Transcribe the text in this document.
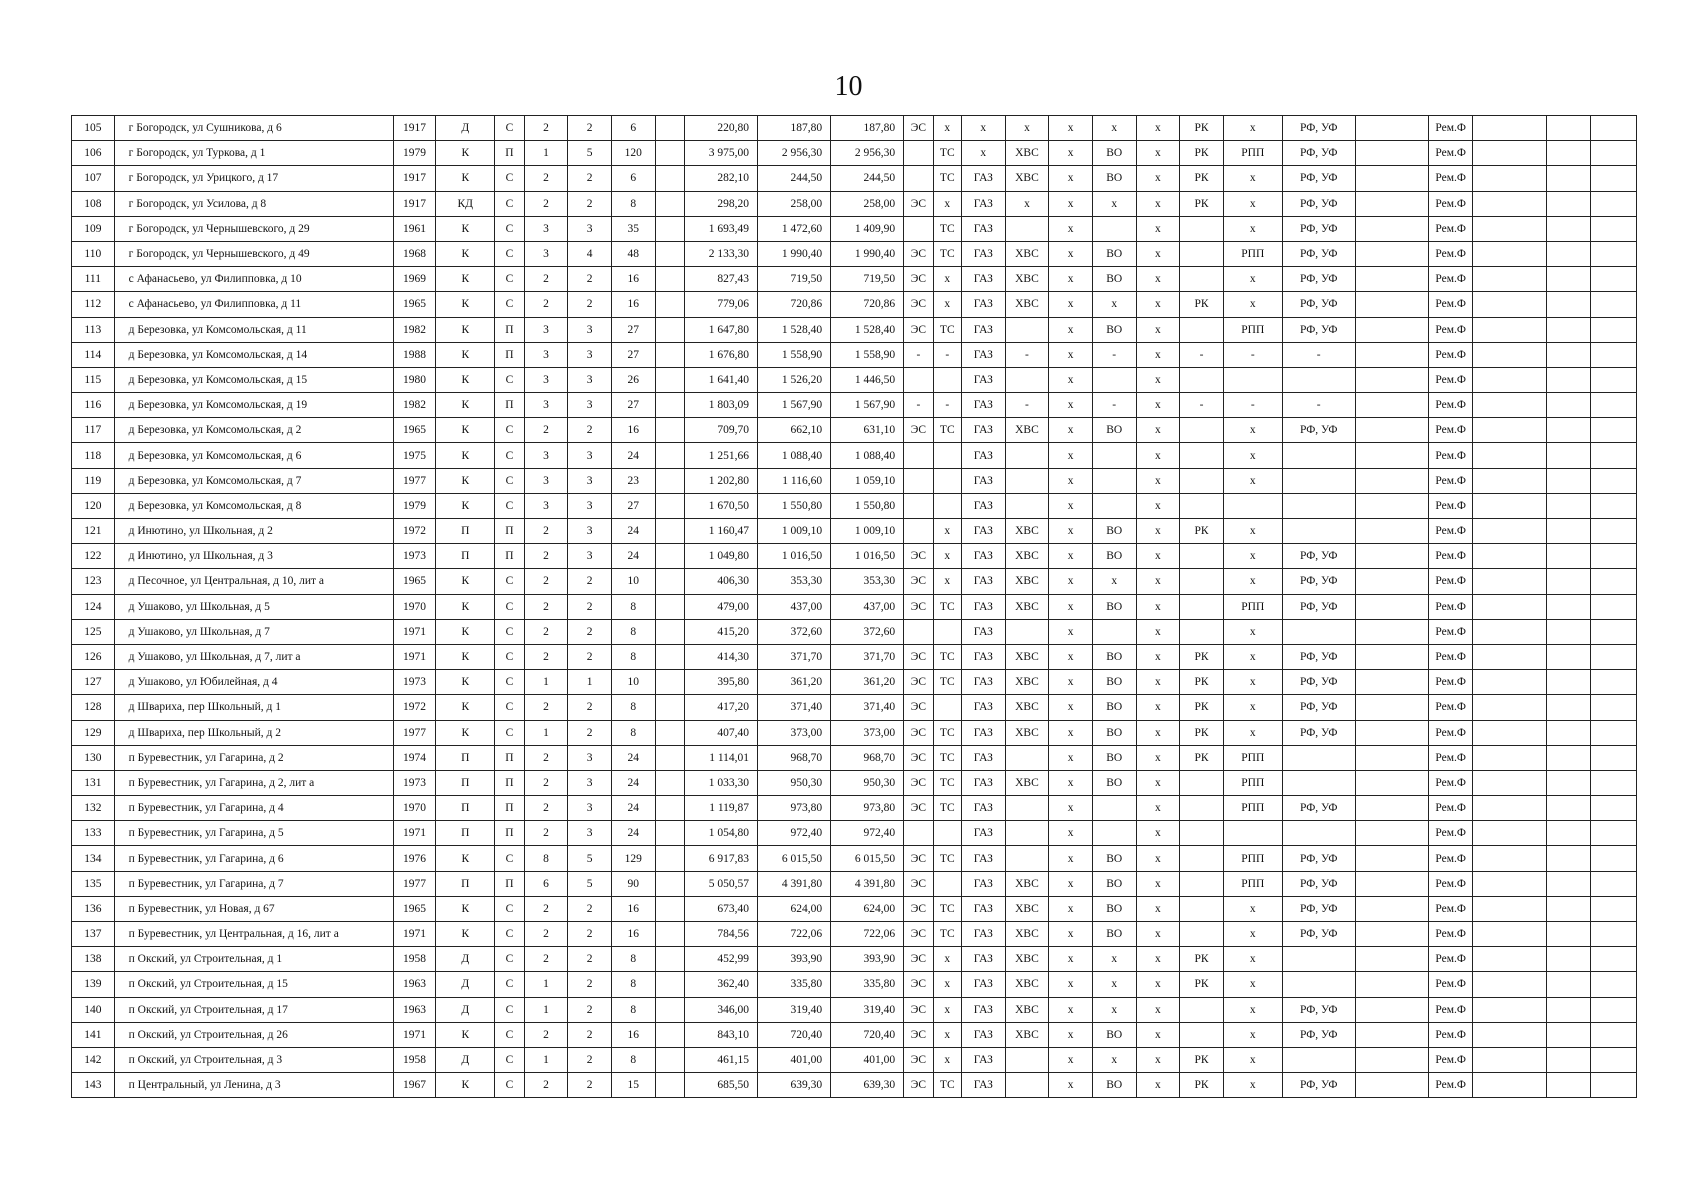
10
105	г Богородск, ул Сушникова, д 6	1917	Д	С	2	2	6		220,80	187,80	187,80	ЭС	х	х	х	х	х	х	РК	х	РФ, УФ		Рем.Ф			
106	г Богородск, ул Туркова, д 1	1979	К	П	1	5	120		3 975,00	2 956,30	2 956,30		ТС	х	ХВС	х	ВО	х	РК	РПП	РФ, УФ		Рем.Ф			
107	г Богородск, ул Урицкого, д 17	1917	К	С	2	2	6		282,10	244,50	244,50		ТС	ГАЗ	ХВС	х	ВО	х	РК	х	РФ, УФ		Рем.Ф			
108	г Богородск, ул Усилова, д 8	1917	КД	С	2	2	8		298,20	258,00	258,00	ЭС	х	ГАЗ	х	х	х	х	РК	х	РФ, УФ		Рем.Ф			
109	г Богородск, ул Чернышевского, д 29	1961	К	С	3	3	35		1 693,49	1 472,60	1 409,90		ТС	ГАЗ		х		х		х	РФ, УФ		Рем.Ф			
110	г Богородск, ул Чернышевского, д 49	1968	К	С	3	4	48		2 133,30	1 990,40	1 990,40	ЭС	ТС	ГАЗ	ХВС	х	ВО	х		РПП	РФ, УФ		Рем.Ф			
111	с Афанасьево, ул Филипповка, д 10	1969	К	С	2	2	16		827,43	719,50	719,50	ЭС	х	ГАЗ	ХВС	х	ВО	х		х	РФ, УФ		Рем.Ф			
112	с Афанасьево, ул Филипповка, д 11	1965	К	С	2	2	16		779,06	720,86	720,86	ЭС	х	ГАЗ	ХВС	х	х	х	РК	х	РФ, УФ		Рем.Ф			
113	д Березовка, ул Комсомольская, д 11	1982	К	П	3	3	27		1 647,80	1 528,40	1 528,40	ЭС	ТС	ГАЗ		х	ВО	х		РПП	РФ, УФ		Рем.Ф			
114	д Березовка, ул Комсомольская, д 14	1988	К	П	3	3	27		1 676,80	1 558,90	1 558,90	-	-	ГАЗ	-	х	-	х	-	-	-		Рем.Ф			
115	д Березовка, ул Комсомольская, д 15	1980	К	С	3	3	26		1 641,40	1 526,20	1 446,50			ГАЗ		х		х					Рем.Ф			
116	д Березовка, ул Комсомольская, д 19	1982	К	П	3	3	27		1 803,09	1 567,90	1 567,90	-	-	ГАЗ	-	х	-	х	-	-	-		Рем.Ф			
117	д Березовка, ул Комсомольская, д 2	1965	К	С	2	2	16		709,70	662,10	631,10	ЭС	ТС	ГАЗ	ХВС	х	ВО	х		х	РФ, УФ		Рем.Ф			
118	д Березовка, ул Комсомольская, д 6	1975	К	С	3	3	24		1 251,66	1 088,40	1 088,40			ГАЗ		х		х		х			Рем.Ф			
119	д Березовка, ул Комсомольская, д 7	1977	К	С	3	3	23		1 202,80	1 116,60	1 059,10			ГАЗ		х		х		х			Рем.Ф			
120	д Березовка, ул Комсомольская, д 8	1979	К	С	3	3	27		1 670,50	1 550,80	1 550,80			ГАЗ		х		х					Рем.Ф			
121	д Инютино, ул Школьная, д 2	1972	П	П	2	3	24		1 160,47	1 009,10	1 009,10		х	ГАЗ	ХВС	х	ВО	х	РК	х			Рем.Ф			
122	д Инютино, ул Школьная, д 3	1973	П	П	2	3	24		1 049,80	1 016,50	1 016,50	ЭС	х	ГАЗ	ХВС	х	ВО	х		х	РФ, УФ		Рем.Ф			
123	д Песочное, ул Центральная, д 10, лит а	1965	К	С	2	2	10		406,30	353,30	353,30	ЭС	х	ГАЗ	ХВС	х	х	х		х	РФ, УФ		Рем.Ф			
124	д Ушаково, ул Школьная, д 5	1970	К	С	2	2	8		479,00	437,00	437,00	ЭС	ТС	ГАЗ	ХВС	х	ВО	х		РПП	РФ, УФ		Рем.Ф			
125	д Ушаково, ул Школьная, д 7	1971	К	С	2	2	8		415,20	372,60	372,60			ГАЗ		х		х		х			Рем.Ф			
126	д Ушаково, ул Школьная, д 7, лит а	1971	К	С	2	2	8		414,30	371,70	371,70	ЭС	ТС	ГАЗ	ХВС	х	ВО	х	РК	х	РФ, УФ		Рем.Ф			
127	д Ушаково, ул Юбилейная, д 4	1973	К	С	1	1	10		395,80	361,20	361,20	ЭС	ТС	ГАЗ	ХВС	х	ВО	х	РК	х	РФ, УФ		Рем.Ф			
128	д Швариха, пер Школьный, д 1	1972	К	С	2	2	8		417,20	371,40	371,40	ЭС		ГАЗ	ХВС	х	ВО	х	РК	х	РФ, УФ		Рем.Ф			
129	д Швариха, пер Школьный, д 2	1977	К	С	1	2	8		407,40	373,00	373,00	ЭС	ТС	ГАЗ	ХВС	х	ВО	х	РК	х	РФ, УФ		Рем.Ф			
130	п Буревестник, ул Гагарина, д 2	1974	П	П	2	3	24		1 114,01	968,70	968,70	ЭС	ТС	ГАЗ		х	ВО	х	РК	РПП			Рем.Ф			
131	п Буревестник, ул Гагарина, д 2, лит а	1973	П	П	2	3	24		1 033,30	950,30	950,30	ЭС	ТС	ГАЗ	ХВС	х	ВО	х		РПП			Рем.Ф			
132	п Буревестник, ул Гагарина, д 4	1970	П	П	2	3	24		1 119,87	973,80	973,80	ЭС	ТС	ГАЗ		х		х		РПП	РФ, УФ		Рем.Ф			
133	п Буревестник, ул Гагарина, д 5	1971	П	П	2	3	24		1 054,80	972,40	972,40			ГАЗ		х		х					Рем.Ф			
134	п Буревестник, ул Гагарина, д 6	1976	К	С	8	5	129		6 917,83	6 015,50	6 015,50	ЭС	ТС	ГАЗ		х	ВО	х		РПП	РФ, УФ		Рем.Ф			
135	п Буревестник, ул Гагарина, д 7	1977	П	П	6	5	90		5 050,57	4 391,80	4 391,80	ЭС		ГАЗ	ХВС	х	ВО	х		РПП	РФ, УФ		Рем.Ф			
136	п Буревестник, ул Новая, д 67	1965	К	С	2	2	16		673,40	624,00	624,00	ЭС	ТС	ГАЗ	ХВС	х	ВО	х		х	РФ, УФ		Рем.Ф			
137	п Буревестник, ул Центральная, д 16, лит а	1971	К	С	2	2	16		784,56	722,06	722,06	ЭС	ТС	ГАЗ	ХВС	х	ВО	х		х	РФ, УФ		Рем.Ф			
138	п Окский, ул Строительная, д 1	1958	Д	С	2	2	8		452,99	393,90	393,90	ЭС	х	ГАЗ	ХВС	х	х	х	РК	х			Рем.Ф			
139	п Окский, ул Строительная, д 15	1963	Д	С	1	2	8		362,40	335,80	335,80	ЭС	х	ГАЗ	ХВС	х	х	х	РК	х			Рем.Ф			
140	п Окский, ул Строительная, д 17	1963	Д	С	1	2	8		346,00	319,40	319,40	ЭС	х	ГАЗ	ХВС	х	х	х		х	РФ, УФ		Рем.Ф			
141	п Окский, ул Строительная, д 26	1971	К	С	2	2	16		843,10	720,40	720,40	ЭС	х	ГАЗ	ХВС	х	ВО	х		х	РФ, УФ		Рем.Ф			
142	п Окский, ул Строительная, д 3	1958	Д	С	1	2	8		461,15	401,00	401,00	ЭС	х	ГАЗ		х	х	х	РК	х			Рем.Ф			
143	п Центральный, ул Ленина, д 3	1967	К	С	2	2	15		685,50	639,30	639,30	ЭС	ТС	ГАЗ		х	ВО	х	РК	х	РФ, УФ		Рем.Ф			
